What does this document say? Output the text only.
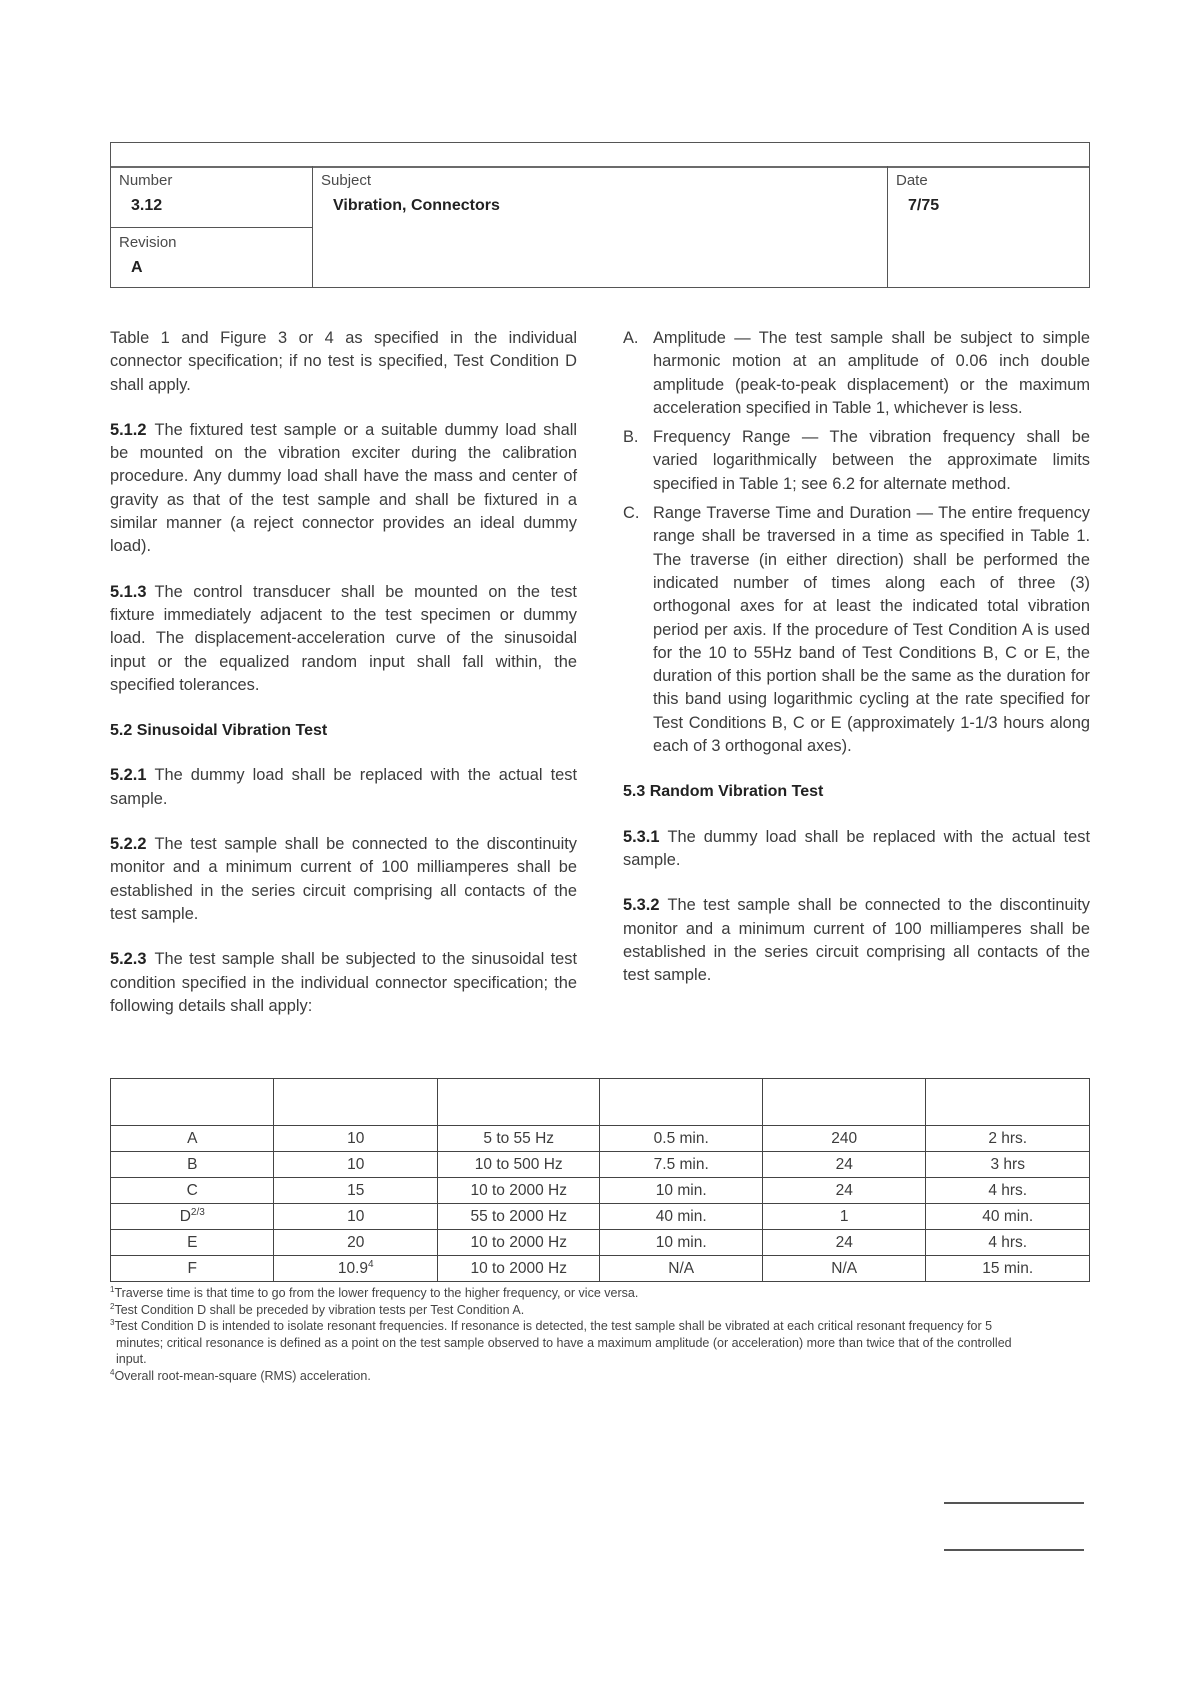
Number
3.12
Revision
A
Subject
Vibration, Connectors
Date
7/75

Table 1 and Figure 3 or 4 as specified in the individual connector specification; if no test is specified, Test Condition D shall apply.

5.1.2 The fixtured test sample or a suitable dummy load shall be mounted on the vibration exciter during the calibration procedure. Any dummy load shall have the mass and center of gravity as that of the test sample and shall be fixtured in a similar manner (a reject connector provides an ideal dummy load).

5.1.3 The control transducer shall be mounted on the test fixture immediately adjacent to the test specimen or dummy load. The displacement-acceleration curve of the sinusoidal input or the equalized random input shall fall within, the specified tolerances.

5.2 Sinusoidal Vibration Test

5.2.1 The dummy load shall be replaced with the actual test sample.

5.2.2 The test sample shall be connected to the discontinuity monitor and a minimum current of 100 milliamperes shall be established in the series circuit comprising all contacts of the test sample.

5.2.3 The test sample shall be subjected to the sinusoidal test condition specified in the individual connector specification; the following details shall apply:

A. Amplitude — The test sample shall be subject to simple harmonic motion at an amplitude of 0.06 inch double amplitude (peak-to-peak displacement) or the maximum acceleration specified in Table 1, whichever is less.
B. Frequency Range — The vibration frequency shall be varied logarithmically between the approximate limits specified in Table 1; see 6.2 for alternate method.
C. Range Traverse Time and Duration — The entire frequency range shall be traversed in a time as specified in Table 1. The traverse (in either direction) shall be performed the indicated number of times along each of three (3) orthogonal axes for at least the indicated total vibration period per axis. If the procedure of Test Condition A is used for the 10 to 55Hz band of Test Conditions B, C or E, the duration of this portion shall be the same as the duration for this band using logarithmic cycling at the rate specified for Test Conditions B, C or E (approximately 1-1/3 hours along each of 3 orthogonal axes).
5.3 Random Vibration Test

5.3.1 The dummy load shall be replaced with the actual test sample.

5.3.2 The test sample shall be connected to the discontinuity monitor and a minimum current of 100 milliamperes shall be established in the series circuit comprising all contacts of the test sample.

A	10	5 to 55 Hz	0.5 min.	240	2 hrs.
B	10	10 to 500 Hz	7.5 min.	24	3 hrs
C	15	10 to 2000 Hz	10 min.	24	4 hrs.
$D^{2/3}$	10	55 to 2000 Hz	40 min.	1	40 min.
E	20	10 to 2000 Hz	10 min.	24	4 hrs.
F	10.9$^4$	10 to 2000 Hz	N/A	N/A	15 min.
$^1$Traverse time is that time to go from the lower frequency to the higher frequency, or vice versa.
$^2$Test Condition D shall be preceded by vibration tests per Test Condition A.
$^3$Test Condition D is intended to isolate resonant frequencies. If resonance is detected, the test sample shall be vibrated at each critical resonant frequency for 5 minutes; critical resonance is defined as a point on the test sample observed to have a maximum amplitude (or acceleration) more than twice that of the controlled input.
$^4$Overall root-mean-square (RMS) acceleration.
